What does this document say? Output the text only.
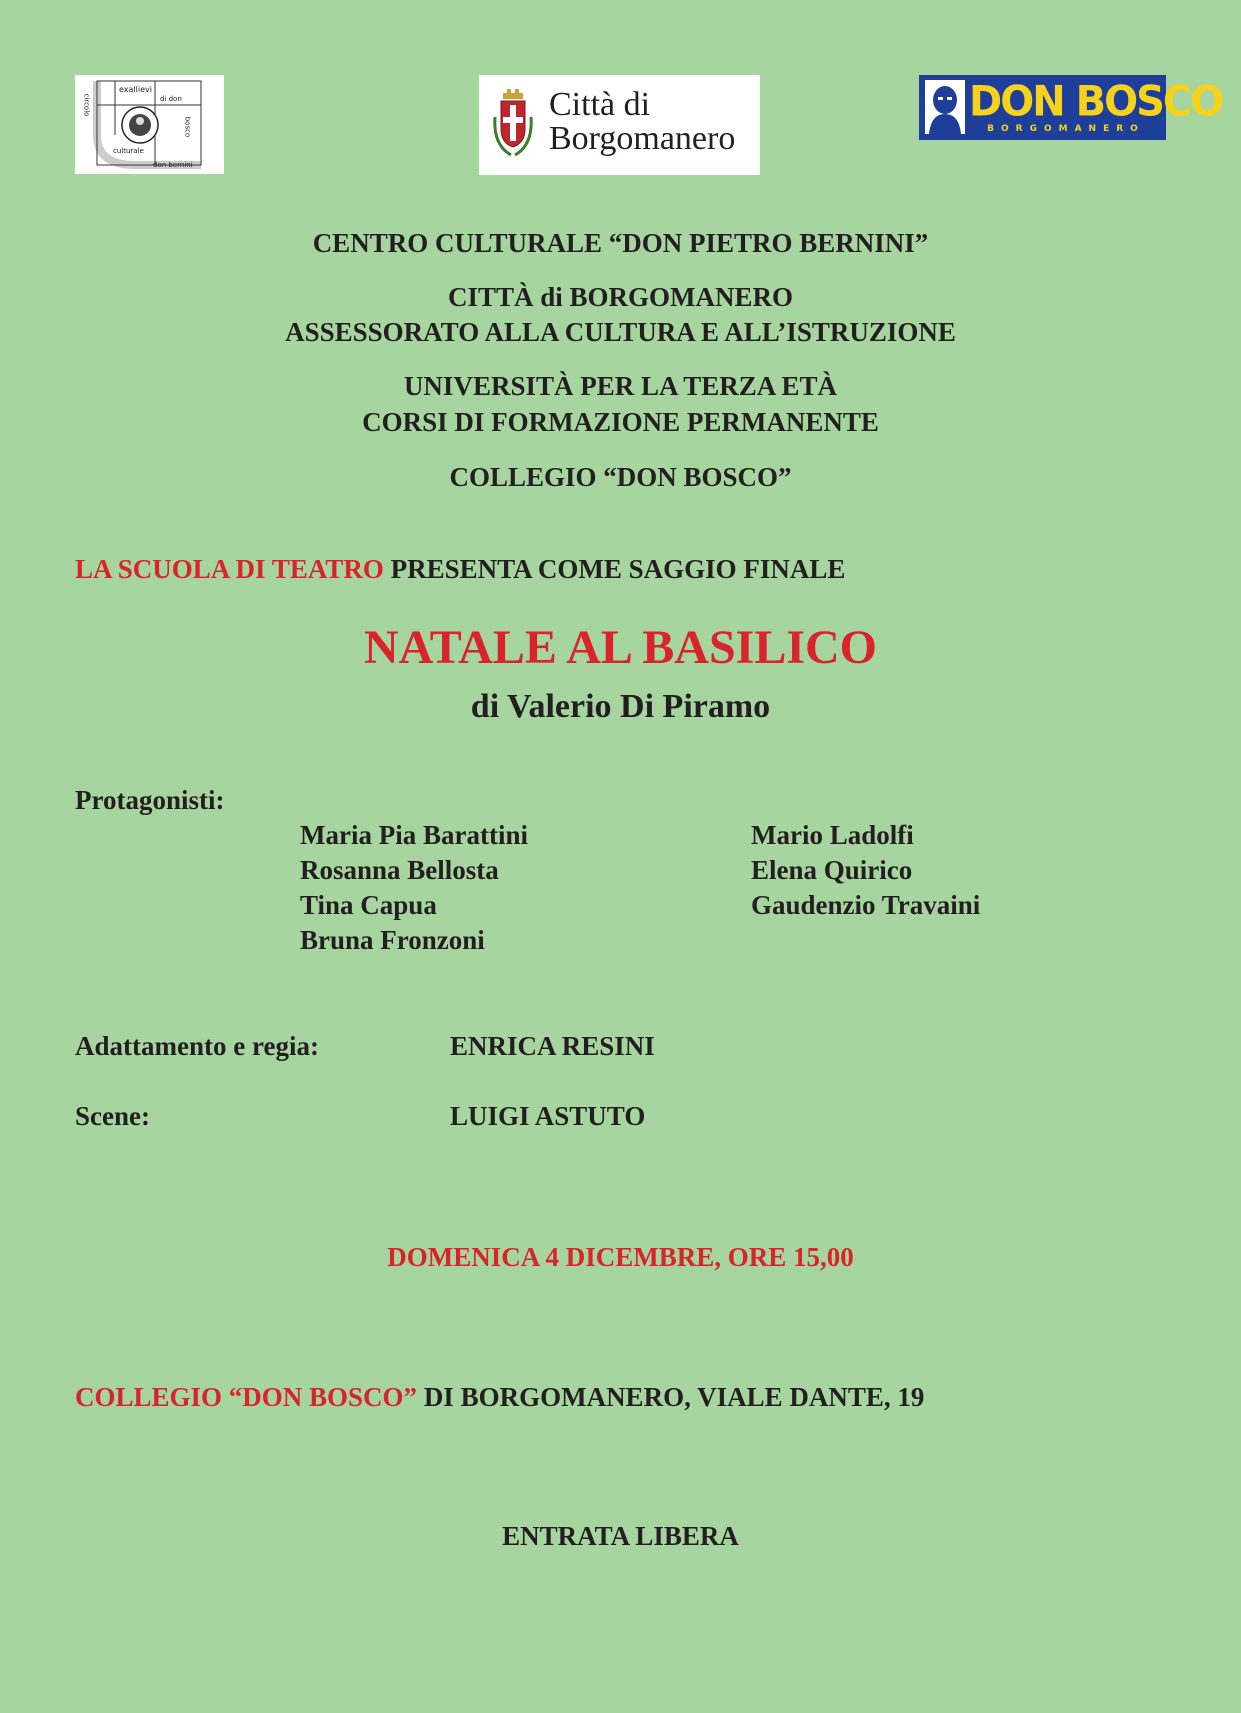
exallievi
di don
circolo
bosco
culturale
don bernini
Città di
Borgomanero
DON BOSCO
BORGOMANERO
CENTRO CULTURALE “DON PIETRO BERNINI”
CITTÀ di BORGOMANERO
ASSESSORATO ALLA CULTURA E ALL’ISTRUZIONE
UNIVERSITÀ PER LA TERZA ETÀ
CORSI DI FORMAZIONE PERMANENTE
COLLEGIO “DON BOSCO”
LA SCUOLA DI TEATRO PRESENTA COME SAGGIO FINALE
NATALE AL BASILICO
di Valerio Di Piramo
Protagonisti:
Maria Pia Barattini
Rosanna Bellosta
Tina Capua
Bruna Fronzoni
Mario Ladolfi
Elena Quirico
Gaudenzio Travaini
Adattamento e regia:	ENRICA RESINI
Scene:	LUIGI ASTUTO
DOMENICA 4 DICEMBRE, ORE 15,00
COLLEGIO “DON BOSCO” DI BORGOMANERO, VIALE DANTE, 19
ENTRATA LIBERA
